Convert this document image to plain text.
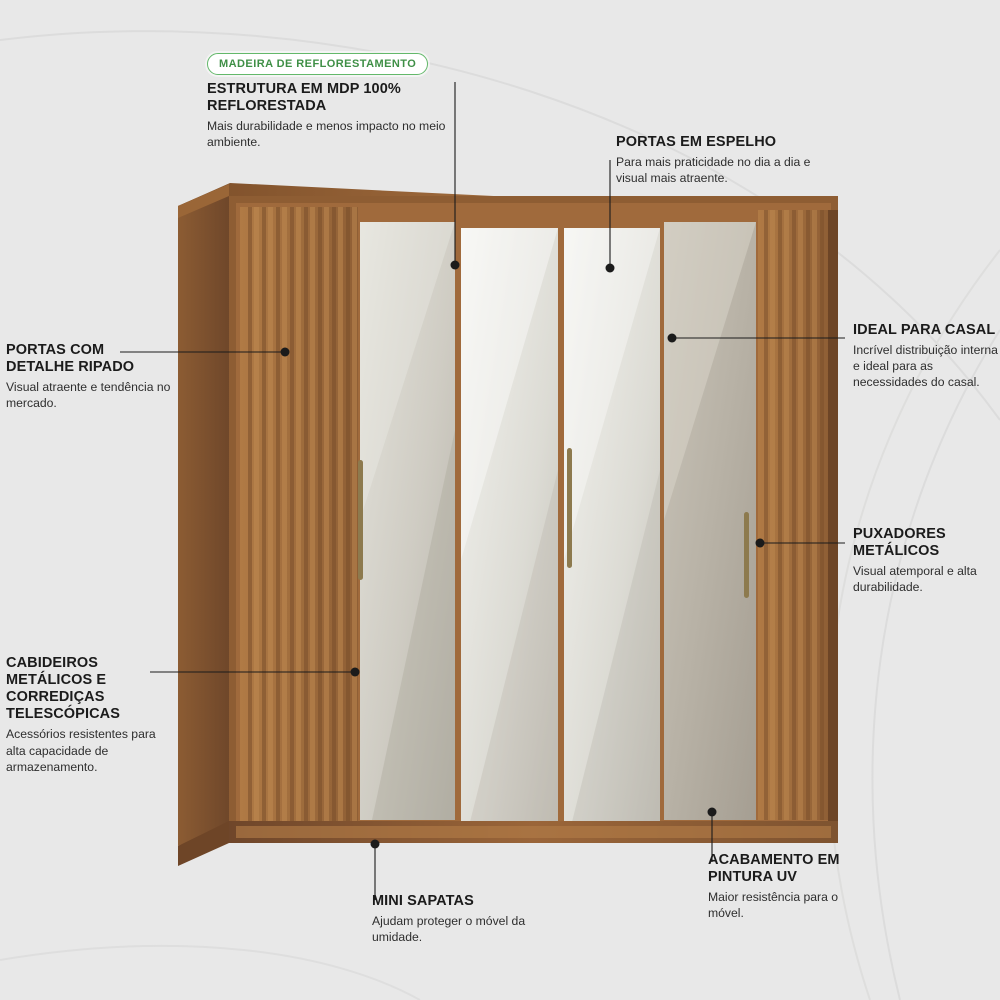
MADEIRA DE REFLORESTAMENTO
ESTRUTURA EM MDP 100% REFLORESTADA
Mais durabilidade e menos impacto no meio ambiente.	PORTAS EM ESPELHO
Para mais praticidade no dia a dia e visual mais atraente.
PORTAS COM DETALHE RIPADO
Visual atraente e tendência no mercado.
IDEAL PARA CASAL
Incrível distribuição interna e ideal para as necessidades do casal.
PUXADORES METÁLICOS
Visual atemporal e alta durabilidade.
CABIDEIROS METÁLICOS E CORREDIÇAS TELESCÓPICAS
Acessórios resistentes para alta capacidade de armazenamento.
MINI SAPATAS
Ajudam proteger o móvel da umidade.
ACABAMENTO EM PINTURA UV
Maior resistência para o móvel.
